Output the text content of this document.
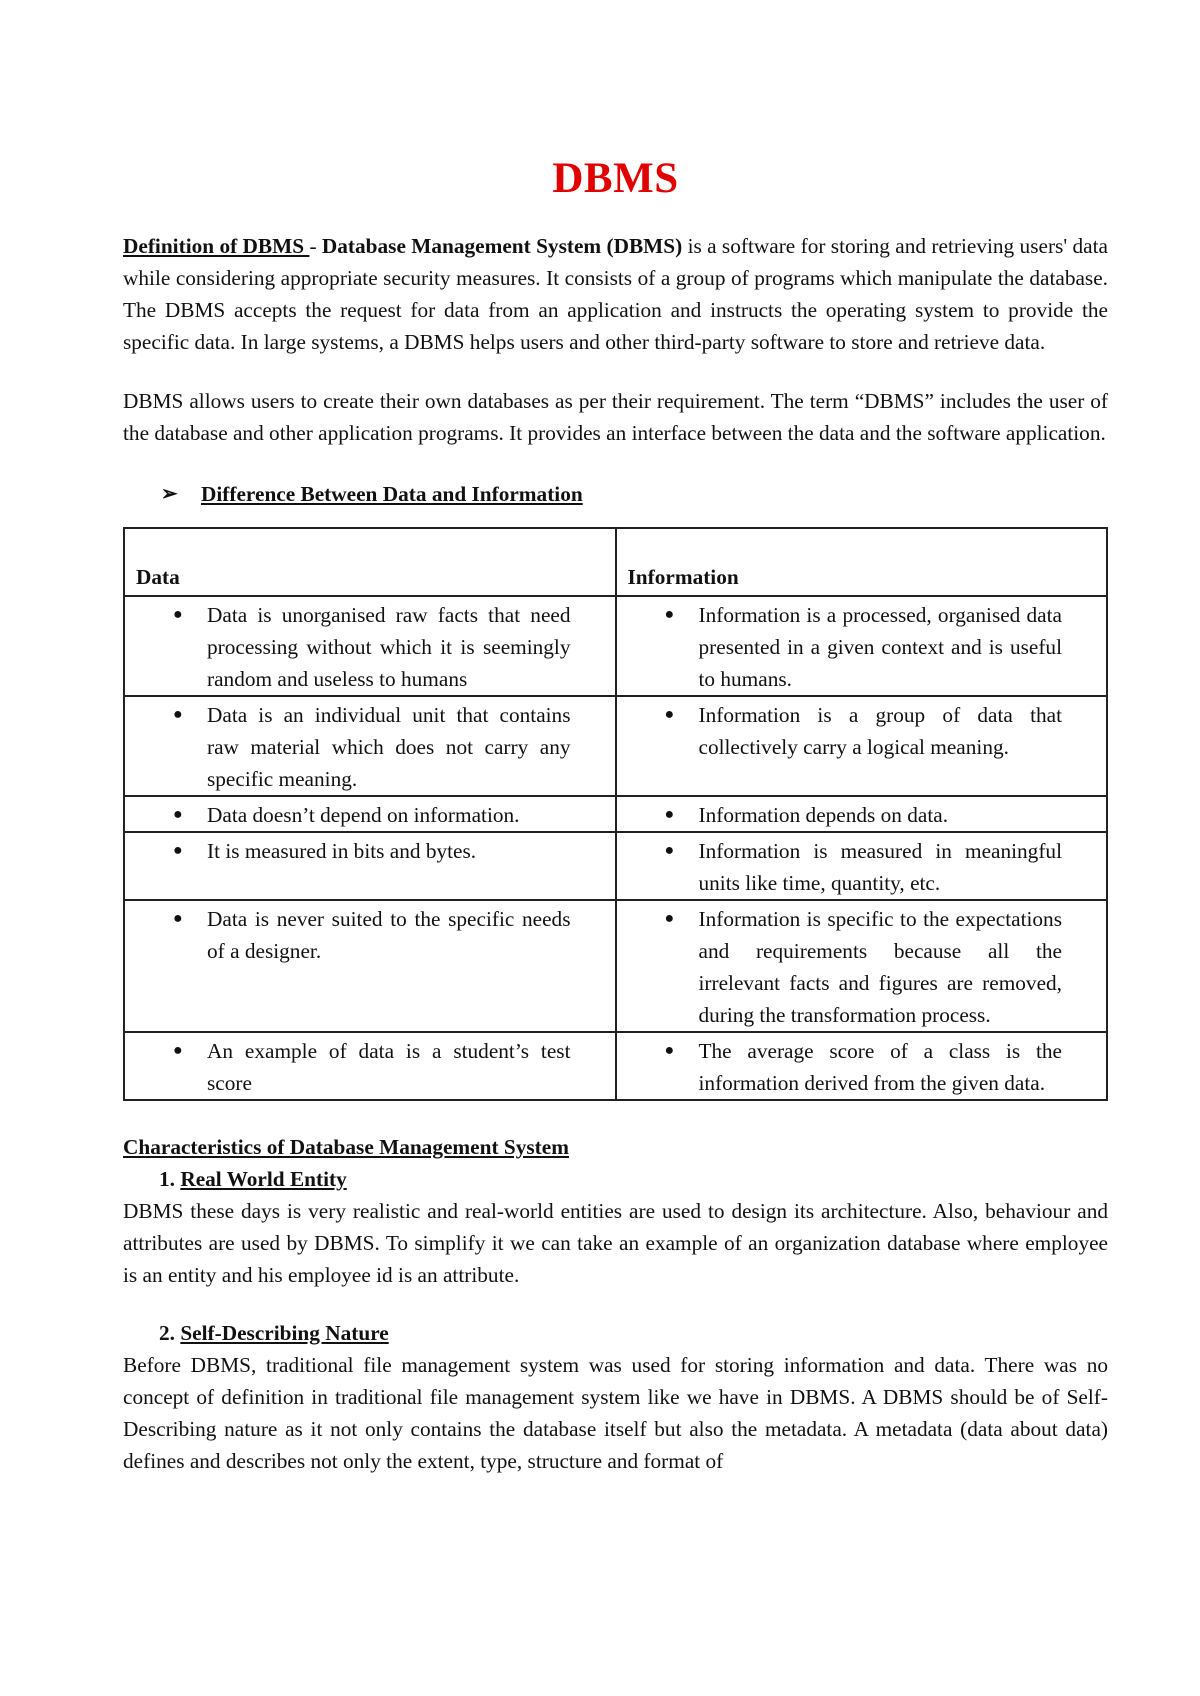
DBMS

Definition of DBMS - Database Management System (DBMS) is a software for storing and retrieving users' data while considering appropriate security measures. It consists of a group of programs which manipulate the database. The DBMS accepts the request for data from an application and instructs the operating system to provide the specific data. In large systems, a DBMS helps users and other third-party software to store and retrieve data.

DBMS allows users to create their own databases as per their requirement. The term “DBMS” includes the user of the database and other application programs. It provides an interface between the data and the software application.

➢	Difference Between Data and Information
Data	Information

● Data is unorganised raw facts that need processing without which it is seemingly random and useless to humans	● Information is a processed, organised data presented in a given context and is useful to humans.

● Data is an individual unit that contains raw material which does not carry any specific meaning.	● Information is a group of data that collectively carry a logical meaning.

● Data doesn’t depend on information.	● Information depends on data.

● It is measured in bits and bytes.	● Information is measured in meaningful units like time, quantity, etc.

● Data is never suited to the specific needs of a designer.	● Information is specific to the expectations and requirements because all the irrelevant facts and figures are removed, during the transformation process.

● An example of data is a student’s test score	● The average score of a class is the information derived from the given data.
Characteristics of Database Management System
1. Real World Entity

DBMS these days is very realistic and real-world entities are used to design its architecture. Also, behaviour and attributes are used by DBMS. To simplify it we can take an example of an organization database where employee is an entity and his employee id is an attribute.

2. Self-Describing Nature

Before DBMS, traditional file management system was used for storing information and data. There was no concept of definition in traditional file management system like we have in DBMS. A DBMS should be of Self- Describing nature as it not only contains the database itself but also the metadata. A metadata (data about data) defines and describes not only the extent, type, structure and format of
